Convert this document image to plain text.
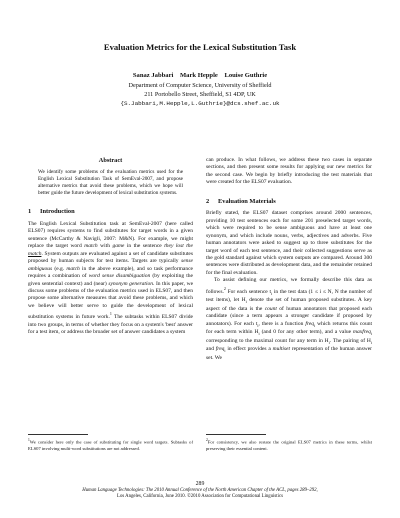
Evaluation Metrics for the Lexical Substitution Task
Sanaz Jabbari    Mark Hepple    Louise Guthrie
Department of Computer Science, University of Sheffield
211 Portobello Street, Sheffield, S1 4DP, UK
{S.Jabbari,M.Hepple,L.Guthrie}@dcs.shef.ac.uk
Abstract
We identify some problems of the evaluation metrics used for the English Lexical Substitution Task of SemEval-2007, and propose alternative metrics that avoid these problems, which we hope will better guide the future development of lexical substitution systems.
1 Introduction

The English Lexical Substitution task at SemEval-2007 (here called ELS07) requires systems to find substitutes for target words in a given sentence (McCarthy & Navigli, 2007: M&N). For example, we might replace the target word match with game in the sentence they lost the match. System outputs are evaluated against a set of candidate substitutes proposed by human subjects for test items. Targets are typically sense ambiguous (e.g. match in the above example), and so task performance requires a combination of word sense disambiguation (by exploiting the given sentential context) and (near) synonym generation. In this paper, we discuss some problems of the evaluation metrics used in ELS07, and then propose some alternative measures that avoid these problems, and which we believe will better serve to guide the development of lexical substitution systems in future work.$^1$ The subtasks within ELS07 divide into two groups, in terms of whether they focus on a system's 'best' answer for a test item, or address the broader set of answer candidates a system

can produce. In what follows, we address these two cases in separate sections, and then present some results for applying our new metrics for the second case. We begin by briefly introducing the test materials that were created for the ELS07 evaluation.

2 Evaluation Materials

Briefly stated, the ELS07 dataset comprises around 2000 sentences, providing 10 test sentences each for some 201 preselected target words, which were required to be sense ambiguous and have at least one synonym, and which include nouns, verbs, adjectives and adverbs. Five human annotators were asked to suggest up to three substitutes for the target word of each test sentence, and their collected suggestions serve as the gold standard against which system outputs are compared. Around 300 sentences were distributed as development data, and the remainder retained for the final evaluation.

To assist defining our metrics, we formally describe this data as follows.$^2$ For each sentence $t_i$ in the test data (1 ≤ i ≤ N, N the number of test items), let $H_i$ denote the set of human proposed substitutes. A key aspect of the data is the count of human annotators that proposed each candidate (since a term appears a stronger candidate if proposed by annotators). For each $t_i$, there is a function freq$_i$ which returns this count for each term within $H_i$ (and 0 for any other term), and a value maxfreq$_i$ corresponding to the maximal count for any term in $H_i$. The pairing of $H_i$ and freq$_i$ in effect provides a multiset representation of the human answer set. We

$^1$We consider here only the case of substituting for single word targets. Subtasks of ELS07 involving multi-word substitutions are not addressed.
$^2$For consistency, we also restate the original ELS07 metrics in these terms, whilst preserving their essential content.
289
Human Language Technologies: The 2010 Annual Conference of the North American Chapter of the ACL, pages 289–292,
Los Angeles, California, June 2010. ©2010 Association for Computational Linguistics
